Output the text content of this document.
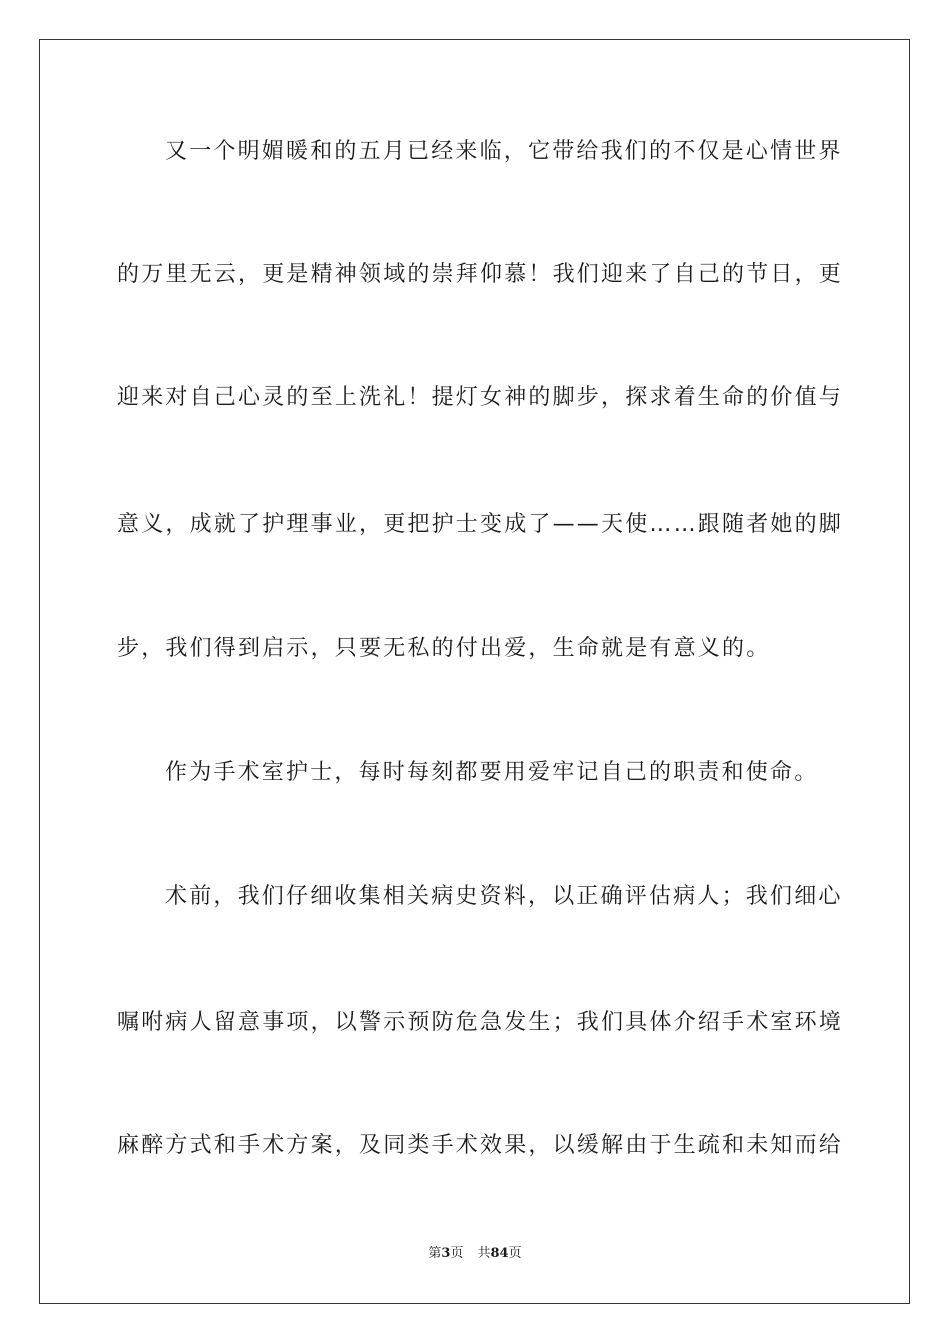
又一个明媚暖和的五月已经来临，它带给我们的不仅是心情世界
的万里无云，更是精神领域的崇拜仰慕！我们迎来了自己的节日，更
迎来对自己心灵的至上洗礼！提灯女神的脚步，探求着生命的价值与
意义，成就了护理事业，更把护士变成了——天使……跟随者她的脚
步，我们得到启示，只要无私的付出爱，生命就是有意义的。
作为手术室护士，每时每刻都要用爱牢记自己的职责和使命。
术前，我们仔细收集相关病史资料，以正确评估病人；我们细心
嘱咐病人留意事项，以警示预防危急发生；我们具体介绍手术室环境
麻醉方式和手术方案，及同类手术效果，以缓解由于生疏和未知而给
第3页 共84页
